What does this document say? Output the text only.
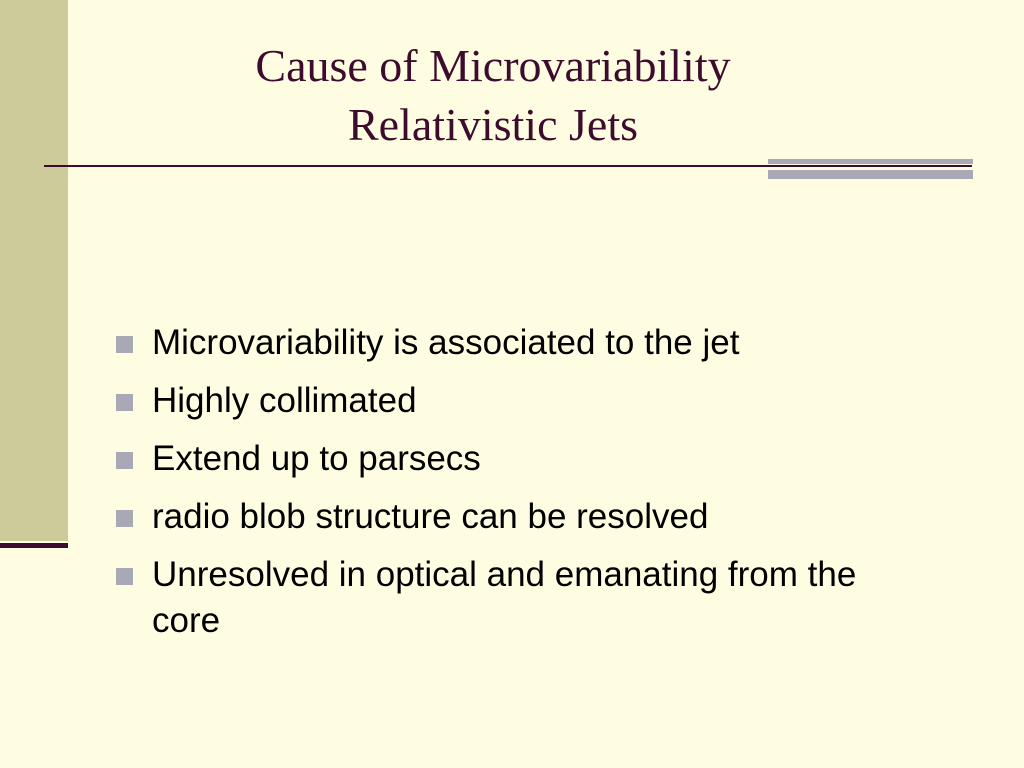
Cause of Microvariability
Relativistic Jets
Microvariability is associated to the jet
Highly collimated
Extend up to parsecs
radio blob structure can be resolved
Unresolved in optical and emanating from the core
